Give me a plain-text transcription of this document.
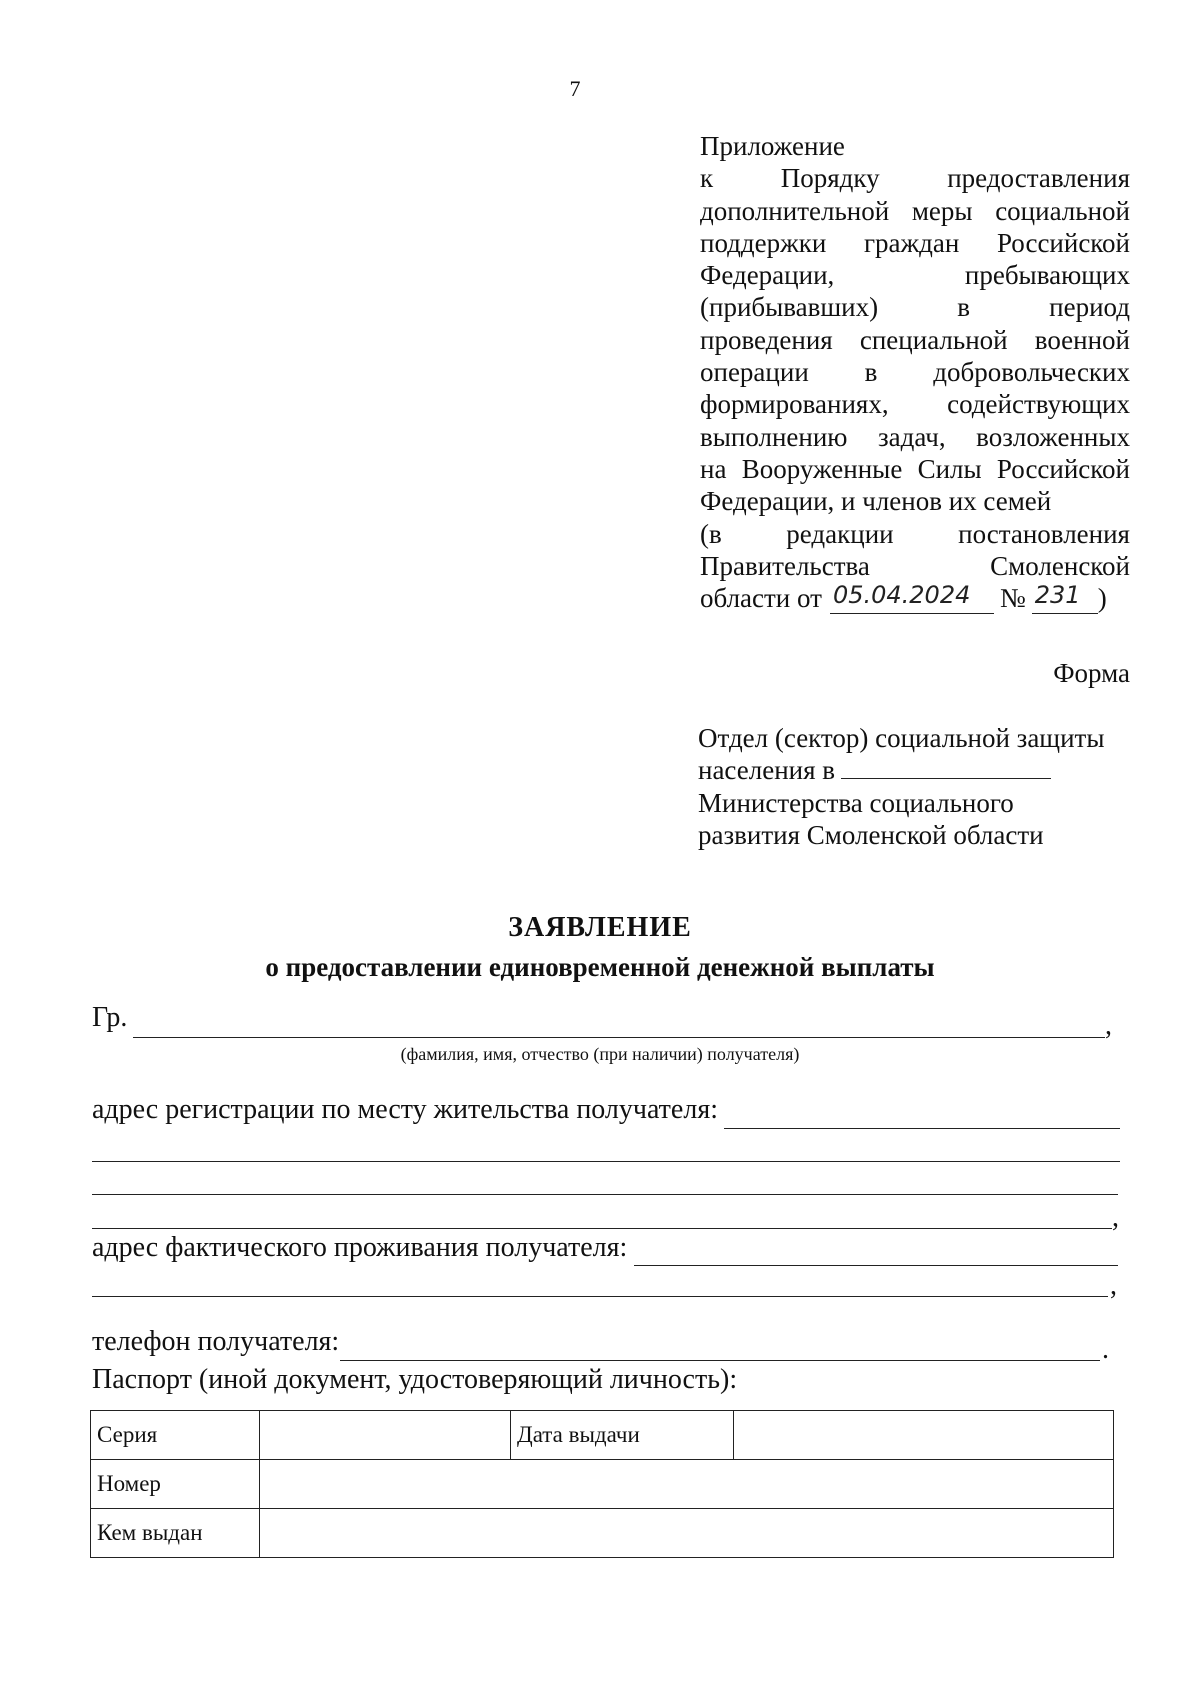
7
Приложение
к	Порядку	предоставления
дополнительной меры социальной
поддержки граждан Российской
Федерации,	пребывающих
(прибывавших)	в	период
проведения специальной военной
операции в добровольческих
формированиях, содействующих
выполнению задач, возложенных
на Вооруженные Силы Российской
Федерации, и членов их семей
(в редакции постановления
Правительства	Смоленской
области от 05.04.2024	№ 231 )
Форма
Отдел (сектор) социальной защиты
населения в
Министерства социального
развития Смоленской области
ЗАЯВЛЕНИЕ
о предоставлении единовременной денежной выплаты
Гр.	,
(фамилия, имя, отчество (при наличии) получателя)
адрес регистрации по месту жительства получателя:
,
адрес фактического проживания получателя:
,
телефон получателя:	.
Паспорт (иной документ, удостоверяющий личность):
Серия		Дата выдачи	
Номер			
Кем выдан			
